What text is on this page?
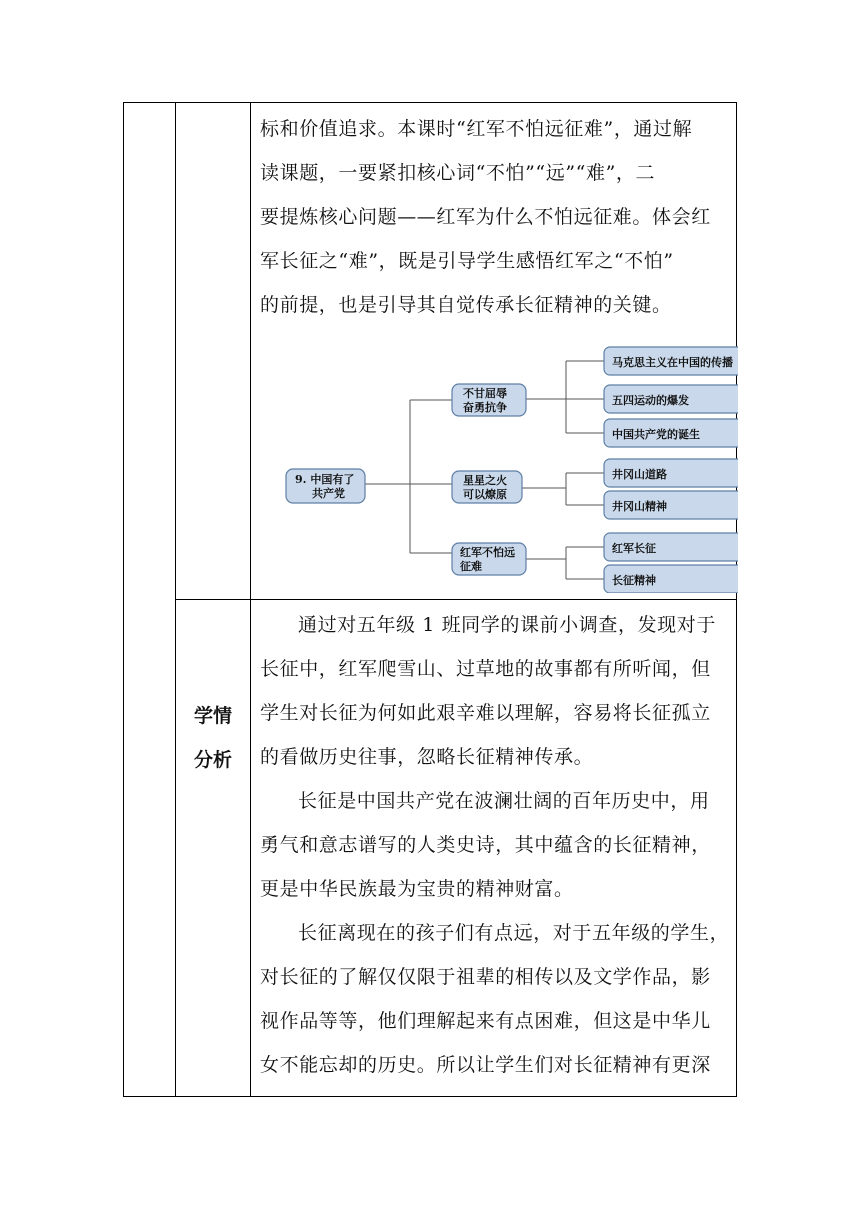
标和价值追求。本课时“红军不怕远征难”，通过解
读课题，一要紧扣核心词“不怕”“远”“难”，二
要提炼核心问题——红军为什么不怕远征难。体会红
军长征之“难”，既是引导学生感悟红军之“不怕”
的前提，也是引导其自觉传承长征精神的关键。
9. 中国有了
共产党
不甘屈辱
奋勇抗争
星星之火
可以燎原
红军不怕远
征难
马克思主义在中国的传播
五四运动的爆发
中国共产党的诞生
井冈山道路
井冈山精神
红军长征
长征精神
学情
分析
通过对五年级 1 班同学的课前小调查，发现对于
长征中，红军爬雪山、过草地的故事都有所听闻，但
学生对长征为何如此艰辛难以理解，容易将长征孤立
的看做历史往事，忽略长征精神传承。
长征是中国共产党在波澜壮阔的百年历史中，用
勇气和意志谱写的人类史诗，其中蕴含的长征精神，
更是中华民族最为宝贵的精神财富。
长征离现在的孩子们有点远，对于五年级的学生，
对长征的了解仅仅限于祖辈的相传以及文学作品，影
视作品等等，他们理解起来有点困难，但这是中华儿
女不能忘却的历史。所以让学生们对长征精神有更深
